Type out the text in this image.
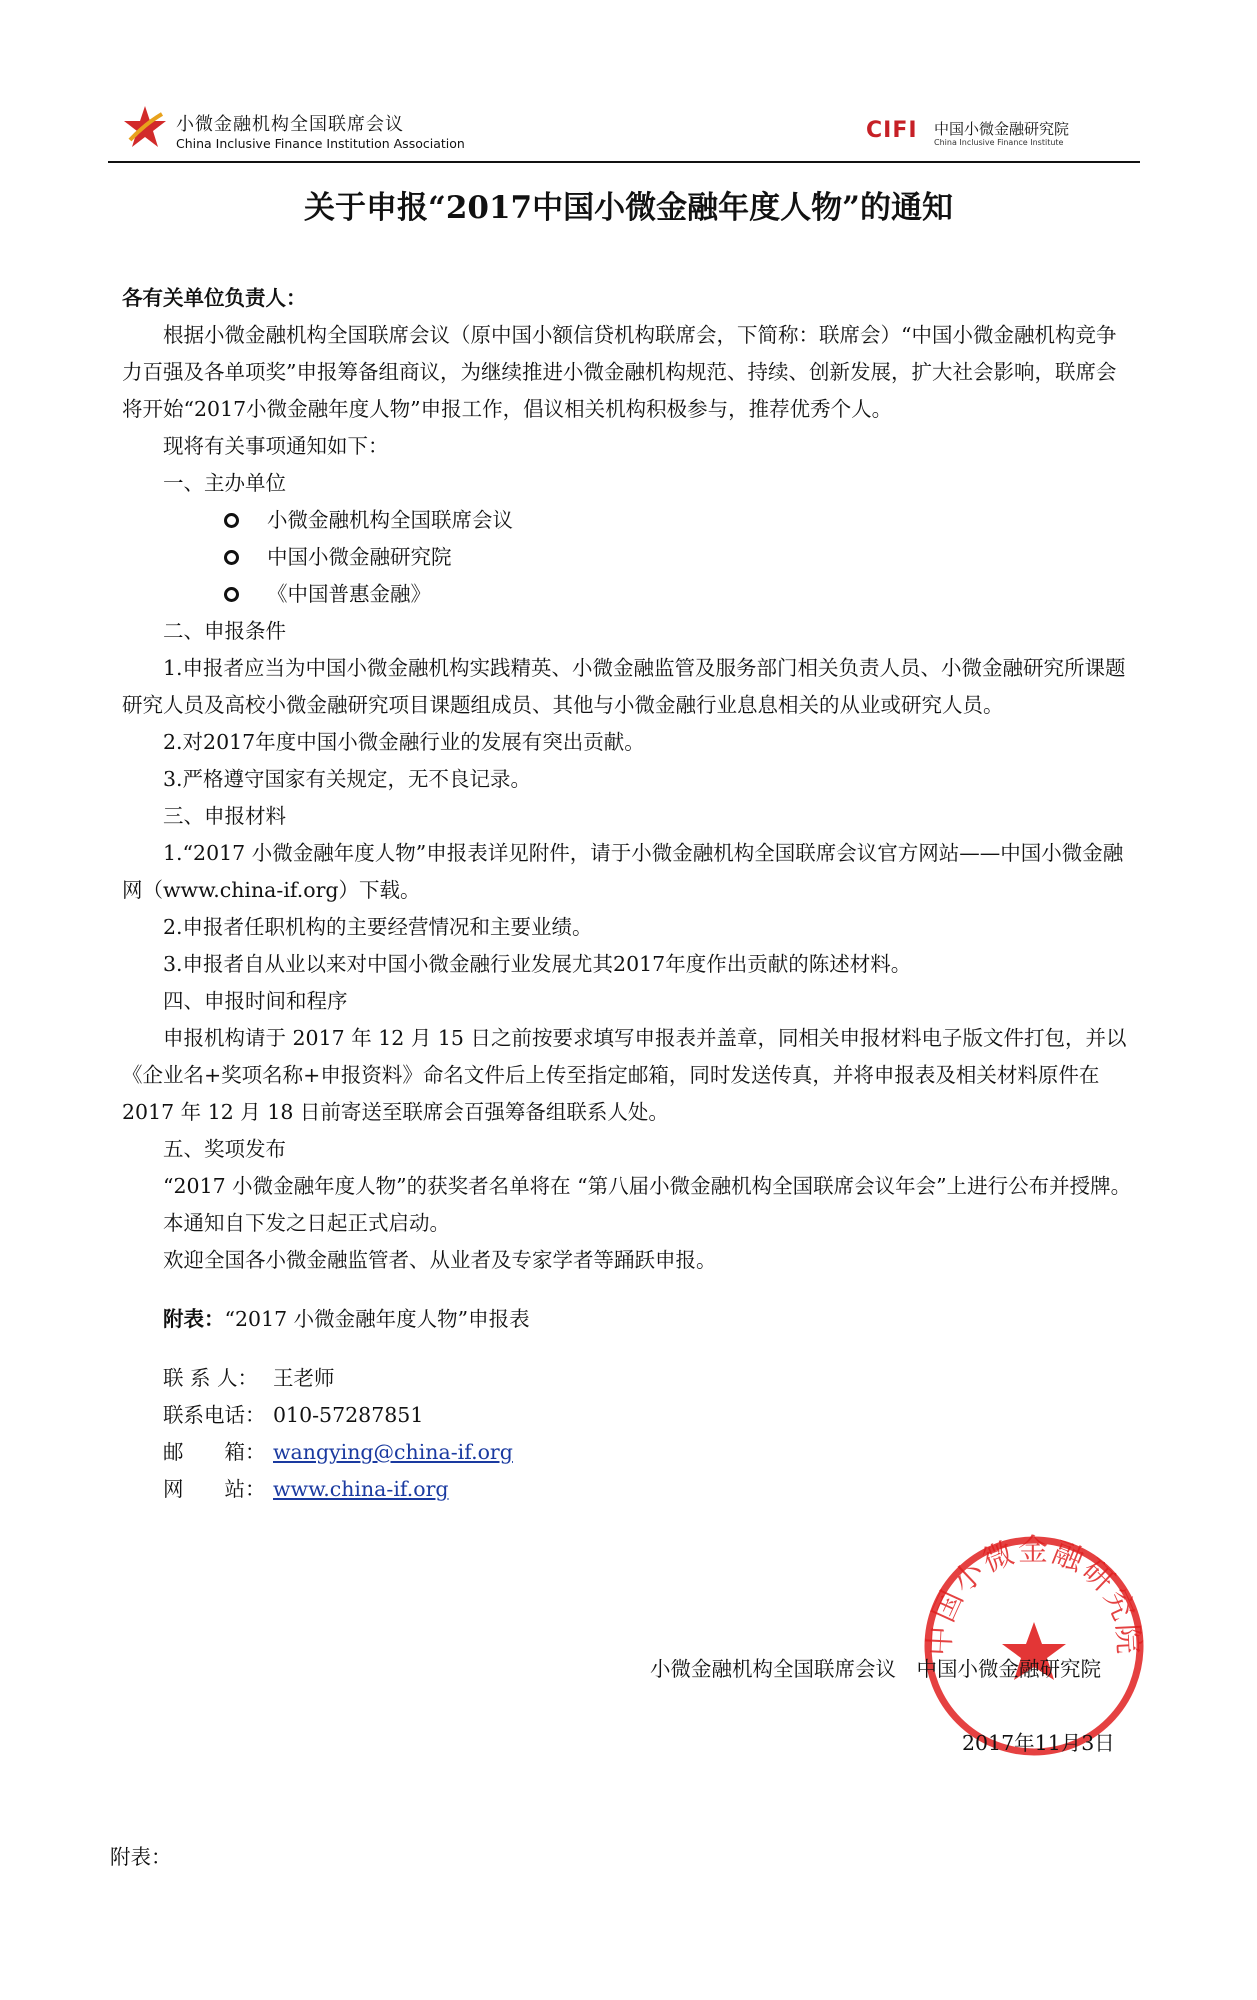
小微金融机构全国联席会议
China Inclusive Finance Institution Association
CIFI 中国小微金融研究院
China Inclusive Finance Institute
关于申报“2017中国小微金融年度人物”的通知

各有关单位负责人：

根据小微金融机构全国联席会议（原中国小额信贷机构联席会，下简称：联席会）“中国小微金融机构竞争力百强及各单项奖”申报筹备组商议，为继续推进小微金融机构规范、持续、创新发展，扩大社会影响，联席会将开始“2017小微金融年度人物”申报工作，倡议相关机构积极参与，推荐优秀个人。

现将有关事项通知如下：

一、主办单位

小微金融机构全国联席会议

中国小微金融研究院

《中国普惠金融》

二、申报条件

1.申报者应当为中国小微金融机构实践精英、小微金融监管及服务部门相关负责人员、小微金融研究所课题研究人员及高校小微金融研究项目课题组成员、其他与小微金融行业息息相关的从业或研究人员。

2.对2017年度中国小微金融行业的发展有突出贡献。

3.严格遵守国家有关规定，无不良记录。

三、申报材料

1.“2017 小微金融年度人物”申报表详见附件，请于小微金融机构全国联席会议官方网站——中国小微金融网（www.china-if.org）下载。

2.申报者任职机构的主要经营情况和主要业绩。

3.申报者自从业以来对中国小微金融行业发展尤其2017年度作出贡献的陈述材料。

四、申报时间和程序

申报机构请于 2017 年 12 月 15 日之前按要求填写申报表并盖章，同相关申报材料电子版文件打包，并以《企业名+奖项名称+申报资料》命名文件后上传至指定邮箱，同时发送传真，并将申报表及相关材料原件在 2017 年 12 月 18 日前寄送至联席会百强筹备组联系人处。

五、奖项发布

“2017 小微金融年度人物”的获奖者名单将在 “第八届小微金融机构全国联席会议年会”上进行公布并授牌。

本通知自下发之日起正式启动。

欢迎全国各小微金融监管者、从业者及专家学者等踊跃申报。

附表：“2017 小微金融年度人物”申报表

联 系 人： 王老师

联系电话： 010-57287851

邮　　箱： wangying@china-if.org

网　　站： www.china-if.org

中国小微金融研究院
小微金融机构全国联席会议　中国小微金融研究院
2017年11月3日
附表：
